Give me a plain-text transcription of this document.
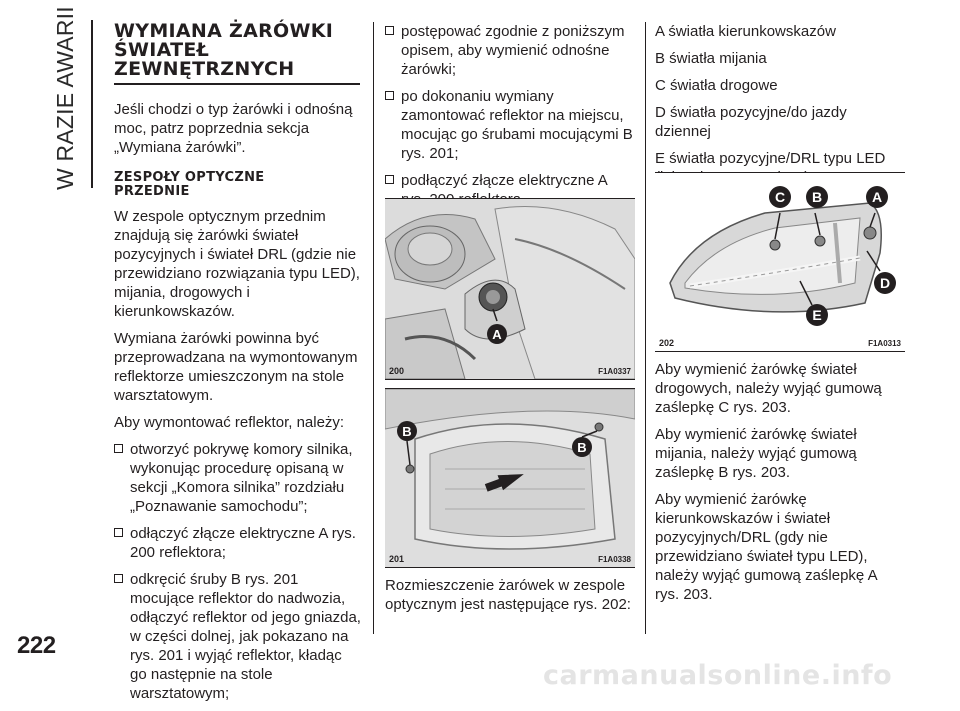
W RAZIE AWARII WYMIANA ŻARÓWKI
ŚWIATEŁ
ZEWNĘTRZNYCH

Jeśli chodzi o typ żarówki i odnośną moc, patrz poprzednia sekcja „Wymiana żarówki”.

ZESPOŁY OPTYCZNE
PRZEDNIE

W zespole optycznym przednim znajdują się żarówki świateł pozycyjnych i świateł DRL (gdzie nie przewidziano rozwiązania typu LED), mijania, drogowych i kierunkowskazów.

Wymiana żarówki powinna być przeprowadzana na wymontowanym reflektorze umieszczonym na stole warsztatowym.

Aby wymontować reflektor, należy:

otworzyć pokrywę komory silnika, wykonując procedurę opisaną w sekcji „Komora silnika” rozdziału „Poznawanie samochodu”;
odłączyć złącze elektryczne A rys. 200 reflektora;
odkręcić śruby B rys. 201 mocujące reflektor do nadwozia, odłączyć reflektor od jego gniazda, w części dolnej, jak pokazano na rys. 201 i wyjąć reflektor, kładąc go następnie na stole warsztatowym;
postępować zgodnie z poniższym opisem, aby wymienić odnośne żarówki;
po dokonaniu wymiany zamontować reflektor na miejscu, mocując go śrubami mocującymi B rys. 201;
podłączyć złącze elektryczne A
A
200	F1A0337
B
B
201	F1A0338

Rozmieszczenie żarówek w zespole optycznym jest następujące rys. 202:

A światła kierunkowskazów

B światła mijania

C światła drogowe

D światła pozycyjne/do jazdy dziennej

E światła pozycyjne/DRL typu LED

C B	A
D
E
202	F1A0313

Aby wymienić żarówkę świateł drogowych, należy wyjąć gumową zaślepkę C rys. 203.

Aby wymienić żarówkę świateł mijania, należy wyjąć gumową zaślepkę B rys. 203.

Aby wymienić żarówkę kierunkowskazów i świateł pozycyjnych/DRL (gdy nie przewidziano świateł typu LED), należy wyjąć gumową zaślepkę A rys. 203.

222
carmanualsonline.info
